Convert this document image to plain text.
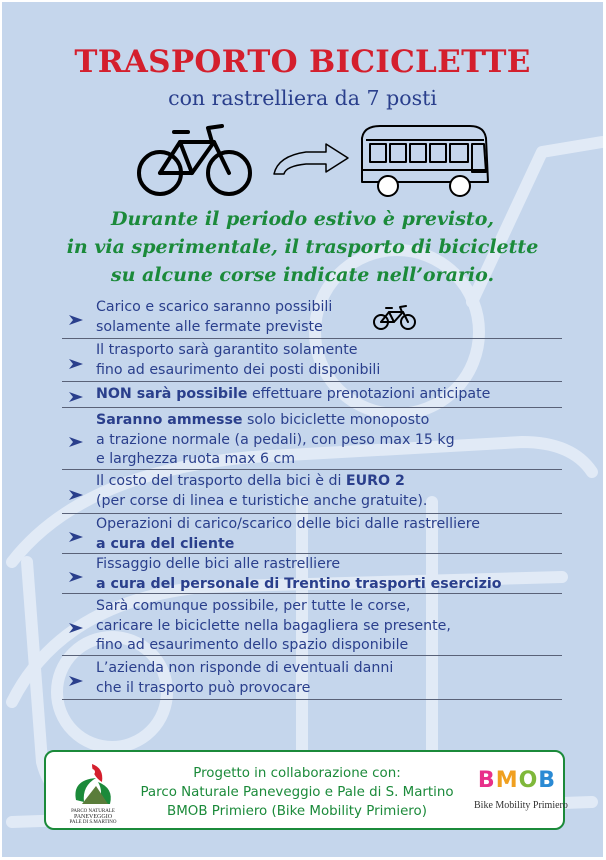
TRASPORTO BICICLETTE
con rastrelliera da 7 posti
Durante il periodo estivo è previsto,
in via sperimentale, il trasporto di biciclette
su alcune corse indicate nell’orario.
Carico e scarico saranno possibili
solamente alle fermate previste
Il trasporto sarà garantito solamente
fino ad esaurimento dei posti disponibili
NON sarà possibile effettuare prenotazioni anticipate
Saranno ammesse solo biciclette monoposto
a trazione normale (a pedali), con peso max 15 kg
e larghezza ruota max 6 cm
Il costo del trasporto della bici è di EURO 2
(per corse di linea e turistiche anche gratuite).
Operazioni di carico/scarico delle bici dalle rastrelliere
a cura del cliente
Fissaggio delle bici alle rastrelliere
a cura del personale di Trentino trasporti esercizio
Sarà comunque possibile, per tutte le corse,
caricare le biciclette nella bagagliera se presente,
fino ad esaurimento dello spazio disponibile
L’azienda non risponde di eventuali danni
che il trasporto può provocare
PARCO NATURALE
PANEVEGGIO
PALE DI S.MARTINO
Progetto in collaborazione con:
Parco Naturale Paneveggio e Pale di S. Martino
BMOB Primiero (Bike Mobility Primiero)
BMOB
Bike Mobility Primiero
